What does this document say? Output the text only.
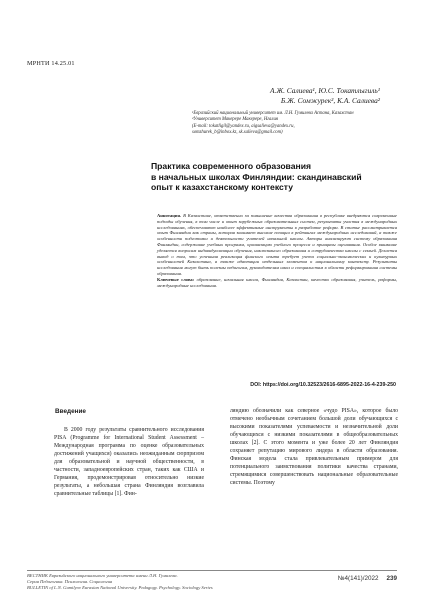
МРНТИ 14.25.01
А.Ж. Салиева¹, Ю.С. Токатлыгиль¹
Б.Ж. Сомжурек², К.А. Салиева²
¹Евразийский национальный университет им. Л.Н. Гумилева Астана, Казахстан
²Университет Макерере Макерере, Нгалия
(E-mail: tokatligil@yandex.ru, aigsalieva@yandex.ru,
somzhurek_b@inbox.kz, sk.salieva@gmail.com)
Практика современного образования
в начальных школах Финляндии: скандинавский
опыт к казахстанскому контексту

Аннотация. В Казахстане, ответственно за повышение качества образования в республике внедряются современные подходы обучения, в том числе и опыт зарубежных образовательных систем, результаты участия в международных исследованиях, обеспечивают наиболее эффективные инструменты в разработке реформ. В статье рассматривается опыт Финляндии как страны, которая занимает высокие позиции в рейтингах международных исследований, а также особенности подготовки и деятельности учителей начальной школы. Авторы анализируют систему образования Финляндии, содержание учебных программ, организацию учебного процесса и принципы оценивания. Особое внимание уделяется вопросам индивидуализации обучения, инклюзивного образования и сотрудничества школы с семьей. Делается вывод о том, что успешная реализация финского опыта требует учета социально-экономических и культурных особенностей Казахстана, а также адаптации отдельных элементов к национальному контексту. Результаты исследования могут быть полезны педагогам, руководителям школ и специалистам в области реформирования системы образования.

Ключевые слова: образование, начальная школа, Финляндия, Казахстан, качество образования, учитель, реформы, международные исследования.

DOI: https://doi.org/10.32523/2616-6895-2022-16-4-239-250
Введение

В 2000 году результаты сравнительного исследования PISA (Programme for International Student Assessment – Международная программа по оценке образовательных достижений учащихся) оказались неожиданным сюрпризом для образовательной и научной общественности, в частности, западноевропейских стран, таких как США и Германия, продемонстрировав относительно низкие результаты, а небольшая страна Финляндия возглавила сравнительные таблицы [1]. Фин-

ляндию обозначили как северное «чудо PISA», которое было отмечено необычным сочетанием большой доли обучающихся с высокими показателями успеваемости и незначительной доли обучающихся с низкими показателями в общеобразовательных школах [2]. С этого момента и уже более 20 лет Финляндия сохраняет репутацию мирового лидера в области образования. Финская модела стала привлекательным примером для потенциального заимствования политики качества странами, стремящимися совершенствовать национальные образовательные системы. Поэтому

ВЕСТНИК Евразийского национального университета имени Л.Н. Гумилева.
Серия Педагогика. Психология. Социология
BULLETIN of L.N. Gumilyov Eurasian National University. Pedagogy. Psychology. Sociology Series
№4(141)/2022 239
